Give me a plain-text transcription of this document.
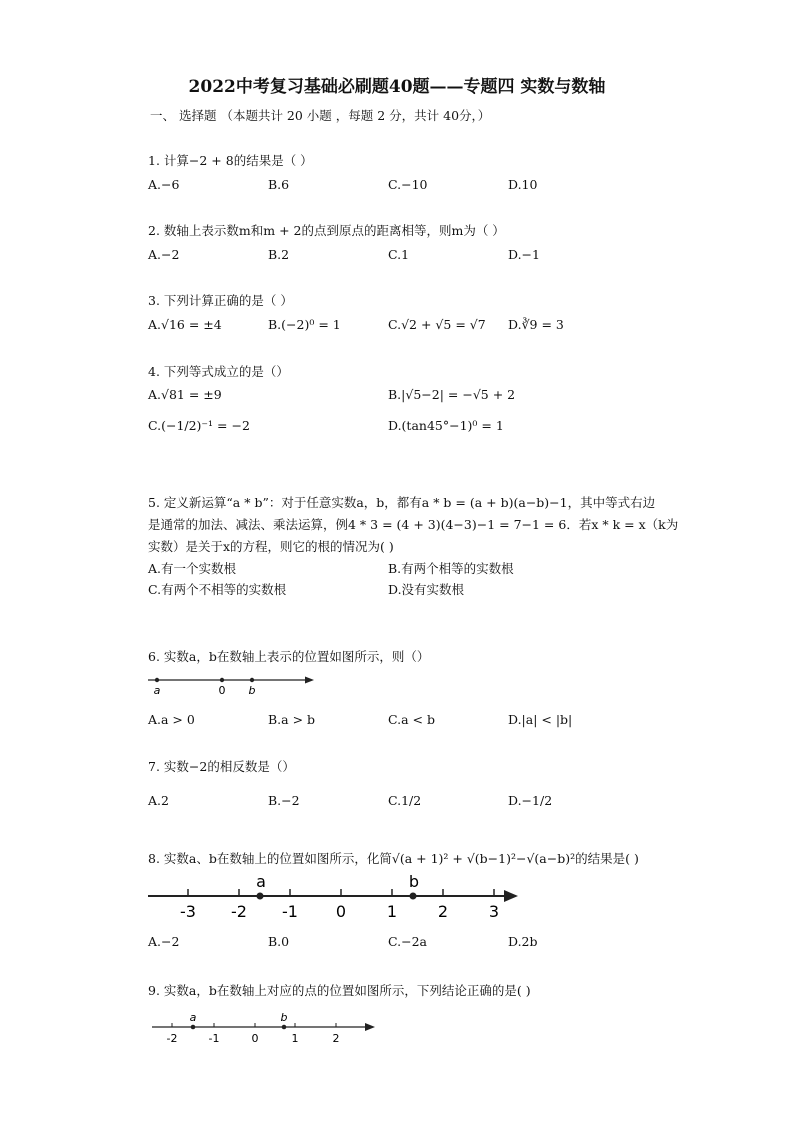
2022中考复习基础必刷题40题——专题四 实数与数轴
一、 选择题 （本题共计 20 小题 ，每题 2 分，共计 40分，）
1. 计算−2 + 8的结果是（ ）
A.−6	B.6	C.−10	D.10
2. 数轴上表示数m和m + 2的点到原点的距离相等，则m为（ ）
A.−2	B.2	C.1	D.−1
3. 下列计算正确的是（ ）
A.√16 = ±4	B.(−2)⁰ = 1	C.√2 + √5 = √7 D.∛9 = 3
4. 下列等式成立的是（）
A.√81 = ±9	B.|√5−2| = −√5 + 2
C.(−1/2)⁻¹ = −2	D.(tan45°−1)⁰ = 1
5. 定义新运算“a * b”：对于任意实数a，b，都有a * b = (a + b)(a−b)−1，其中等式右边
是通常的加法、减法、乘法运算，例4 * 3 = (4 + 3)(4−3)−1 = 7−1 = 6．若x * k = x（k为
实数）是关于x的方程，则它的根的情况为( )
A.有一个实数根	B.有两个相等的实数根
C.有两个不相等的实数根	D.没有实数根
6. 实数a，b在数轴上表示的位置如图所示，则（）
a	0 b
A.a > 0	B.a > b	C.a < b	D.|a| < |b|
7. 实数−2的相反数是（）
A.2	B.−2	C.1/2	D.−1/2
8. 实数a、b在数轴上的位置如图所示，化简√(a + 1)² + √(b−1)²−√(a−b)²的结果是( )
a	b
-3 -2 -1 0	1	2	3
A.−2	B.0	C.−2a	D.2b
9. 实数a，b在数轴上对应的点的位置如图所示，下列结论正确的是( )
a	b
-2	-1	0	1	2
